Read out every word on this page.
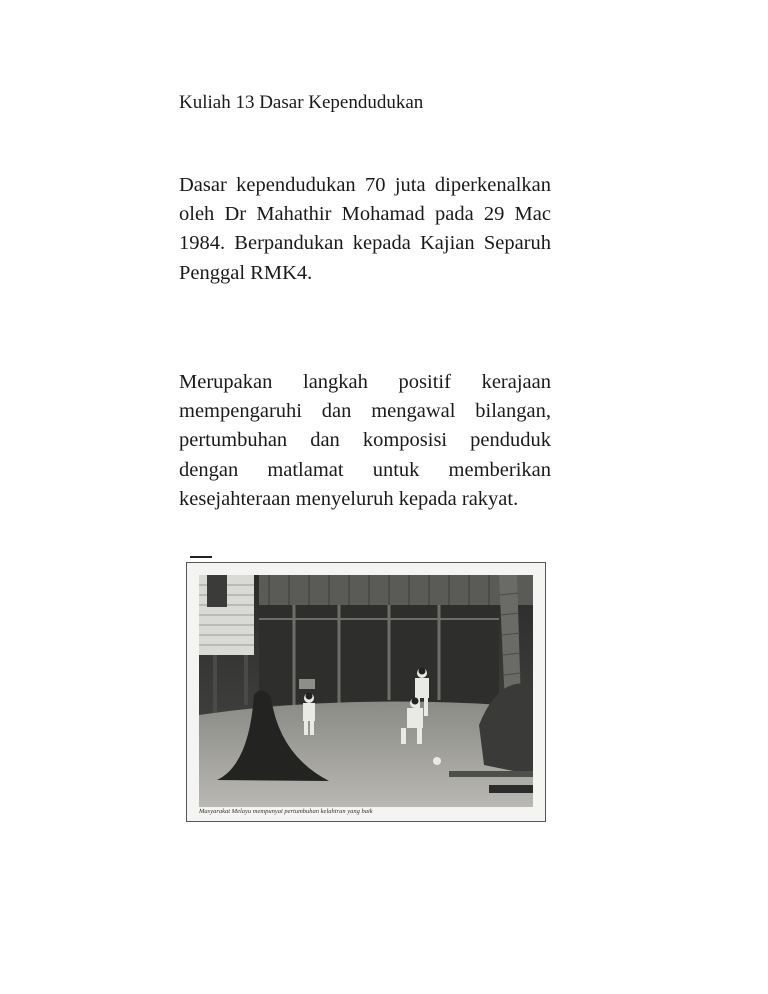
Kuliah 13 Dasar Kependudukan

Dasar kependudukan 70 juta diperkenalkan oleh Dr Mahathir Mohamad pada 29 Mac 1984. Berpandukan kepada Kajian Separuh Penggal RMK4.

Merupakan langkah positif kerajaan mempengaruhi dan mengawal bilangan, pertumbuhan dan komposisi penduduk dengan matlamat untuk memberikan kesejahteraan menyeluruh kepada rakyat.

Masyarakat Melayu mempunyai pertumbuhan kelahiran yang baik
